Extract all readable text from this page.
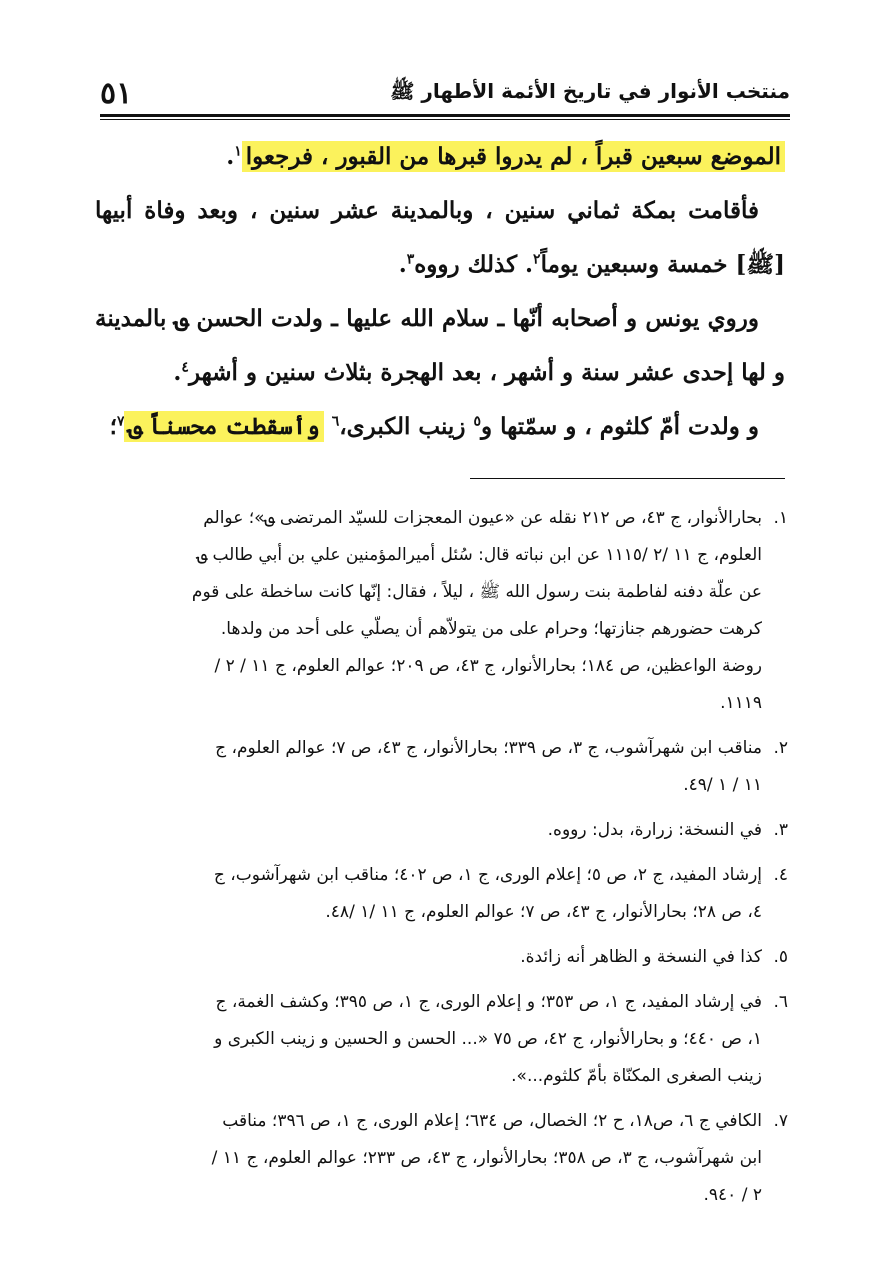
٥١	منتخب الأنوار في تاريخ الأئمة الأطهار ﷺ

الموضع سبعين قبراً ، لم يدروا قبرها من القبور ، فرجعوا$^١$.

فأقامت بمكة ثماني سنين ، وبالمدينة عشر سنين ، وبعد وفاة أبيها [ﷺ] خمسة وسبعين يوماً$^٢$. كذلك رووه$^٣$.

وروي يونس و أصحابه أنّها ـ سلام الله عليها ـ ولدت الحسن ؈ بالمدينة و لها إحدى عشر سنة و أشهر ، بعد الهجرة بثلاث سنين و أشهر$^٤$.

و ولدت أمّ كلثوم ، و سمّتها و$^٥$ زينب الكبرى،$^٦$ وأسقطت محسناً ؈$^٧$؛

١.
بحارالأنوار، ج ٤٣، ص ٢١٢ نقله عن «عيون المعجزات للسيّد المرتضى ؈»؛ عوالم
العلوم، ج ١١ /٢ /١١١٥ عن ابن نباته قال: سُئل أميرالمؤمنين علي بن أبي طالب ؈
عن علّة دفنه لفاطمة بنت رسول الله ﷺ ، ليلاً ، فقال: إنّها كانت ساخطة على قوم
كرهت حضورهم جنازتها؛ وحرام على من يتولاّهم أن يصلّي على أحد من ولدها.
روضة الواعظين، ص ١٨٤؛ بحارالأنوار، ج ٤٣، ص ٢٠٩؛ عوالم العلوم، ج ١١ / ٢ /
١١١٩.
٢.
مناقب ابن شهرآشوب، ج ٣، ص ٣٣٩؛ بحارالأنوار، ج ٤٣، ص ٧؛ عوالم العلوم، ج
١١ / ١ /٤٩.
٣.
في النسخة: زرارة، بدل: رووه.
٤.
إرشاد المفيد، ج ٢، ص ٥؛ إعلام الورى، ج ١، ص ٤٠٢؛ مناقب ابن شهرآشوب، ج
٤، ص ٢٨؛ بحارالأنوار، ج ٤٣، ص ٧؛ عوالم العلوم، ج ١١ /١ /٤٨.
٥.
كذا في النسخة و الظاهر أنه زائدة.
٦.
في إرشاد المفيد، ج ١، ص ٣٥٣؛ و إعلام الورى، ج ١، ص ٣٩٥؛ وكشف الغمة، ج
١، ص ٤٤٠؛ و بحارالأنوار، ج ٤٢، ص ٧٥ «... الحسن و الحسين و زينب الكبرى و
زينب الصغرى المكنّاة بأمّ كلثوم...».
٧.
الكافي ج ٦، ص١٨، ح ٢؛ الخصال، ص ٦٣٤؛ إعلام الورى، ج ١، ص ٣٩٦؛ مناقب
ابن شهرآشوب، ج ٣، ص ٣٥٨؛ بحارالأنوار، ج ٤٣، ص ٢٣٣؛ عوالم العلوم، ج ١١ /
٢ / ٩٤٠.
